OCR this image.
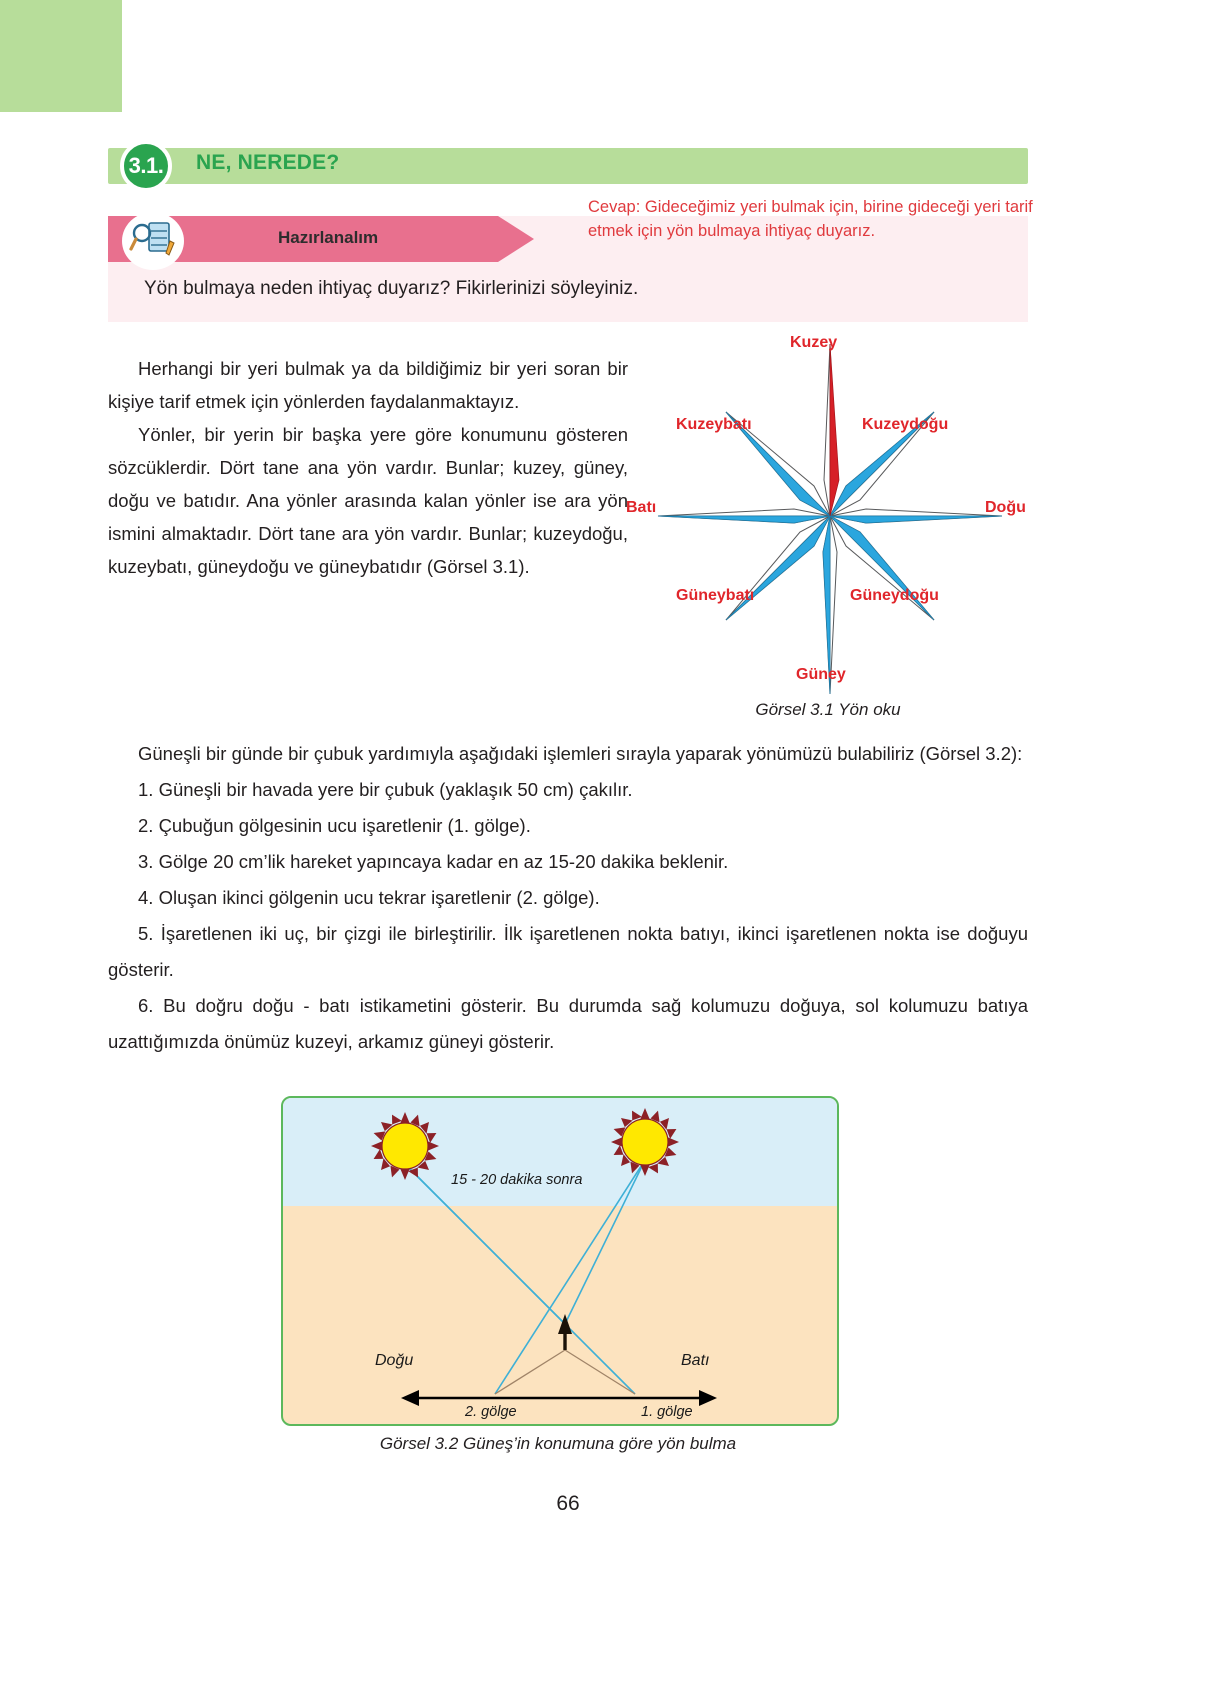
3.1.	NE, NEREDE?
Hazırlanalım
Yön bulmaya neden ihtiyaç duyarız? Fikirlerinizi söyleyiniz.
Cevap: Gideceğimiz yeri bulmak için, birine gideceği yeri tarif etmek için yön bulmaya ihtiyaç duyarız.

Herhangi bir yeri bulmak ya da bildiğimiz bir yeri soran bir kişiye tarif etmek için yönlerden faydalanmaktayız.

Yönler, bir yerin bir başka yere göre konumunu gösteren sözcüklerdir. Dört tane ana yön vardır. Bunlar; kuzey, güney, doğu ve batıdır. Ana yönler arasında kalan yönler ise ara yön ismini almaktadır. Dört tane ara yön vardır. Bunlar; kuzeydoğu, kuzeybatı, güneydoğu ve güneybatıdır (Görsel 3.1).

Kuzey
Kuzeydoğu
Doğu
Güneydoğu
Güney
Güneybatı
Batı
Kuzeybatı
Görsel 3.1 Yön oku

Güneşli bir günde bir çubuk yardımıyla aşağıdaki işlemleri sırayla yaparak yönümüzü bulabiliriz (Görsel 3.2):

1. Güneşli bir havada yere bir çubuk (yaklaşık 50 cm) çakılır.

2. Çubuğun gölgesinin ucu işaretlenir (1. gölge).

3. Gölge 20 cm’lik hareket yapıncaya kadar en az 15-20 dakika beklenir.

4. Oluşan ikinci gölgenin ucu tekrar işaretlenir (2. gölge).

5. İşaretlenen iki uç, bir çizgi ile birleştirilir. İlk işaretlenen nokta batıyı, ikinci işaretlenen nokta ise doğuyu gösterir.

6. Bu doğru doğu - batı istikametini gösterir. Bu durumda sağ kolumuzu doğuya, sol kolumuzu batıya uzattığımızda önümüz kuzeyi, arkamız güneyi gösterir.

15 - 20 dakika sonra
Doğu	Batı
2. gölge	1. gölge
Görsel 3.2 Güneş’in konumuna göre yön bulma
66
